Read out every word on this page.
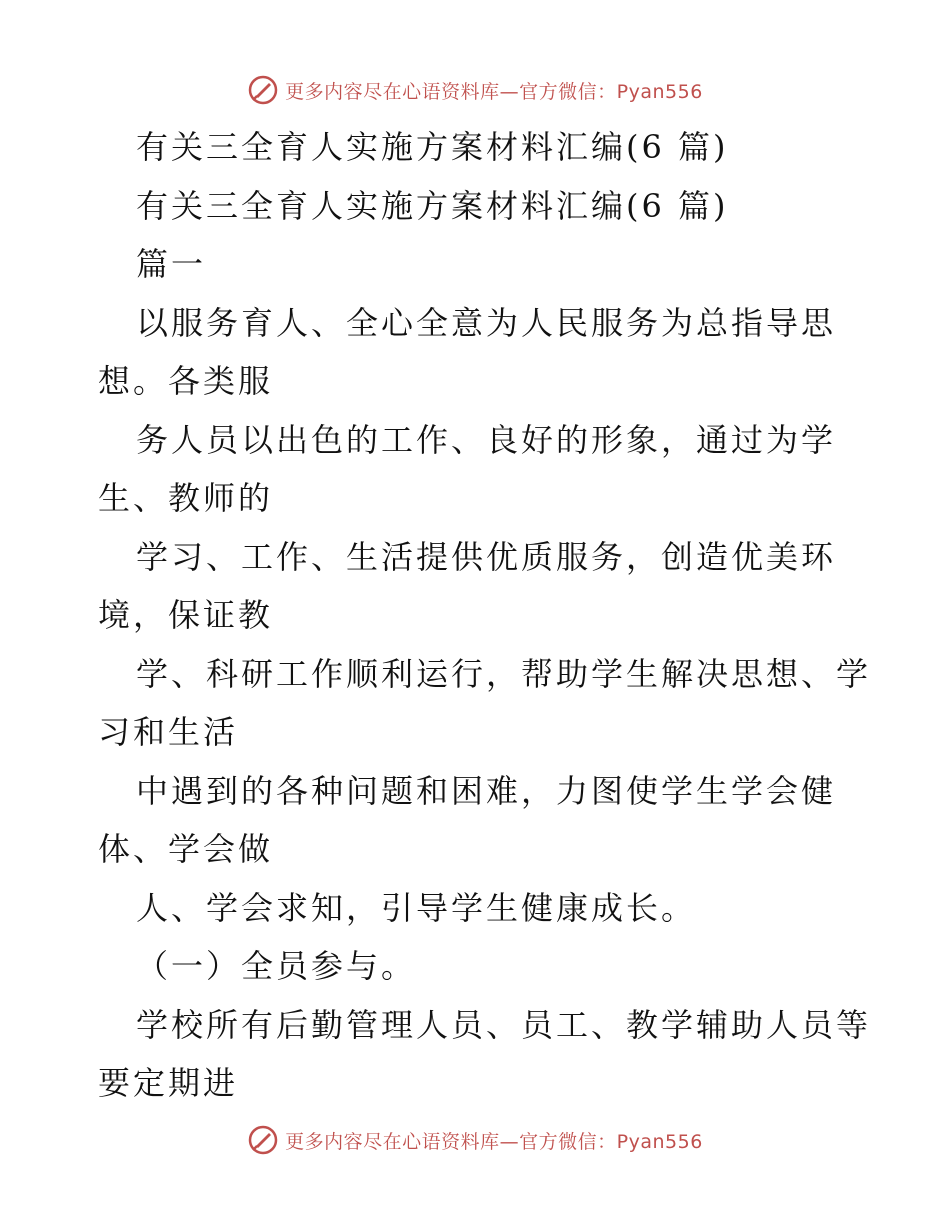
更多内容尽在心语资料库—官方微信：Pyan556
有关三全育人实施方案材料汇编(6 篇)
有关三全育人实施方案材料汇编(6 篇)
篇一
以服务育人、全心全意为人民服务为总指导思
想。各类服
务人员以出色的工作、良好的形象，通过为学
生、教师的
学习、工作、生活提供优质服务，创造优美环
境，保证教
学、科研工作顺利运行，帮助学生解决思想、学
习和生活
中遇到的各种问题和困难，力图使学生学会健
体、学会做
人、学会求知，引导学生健康成长。
（一）全员参与。
学校所有后勤管理人员、员工、教学辅助人员等
要定期进
更多内容尽在心语资料库—官方微信：Pyan556
